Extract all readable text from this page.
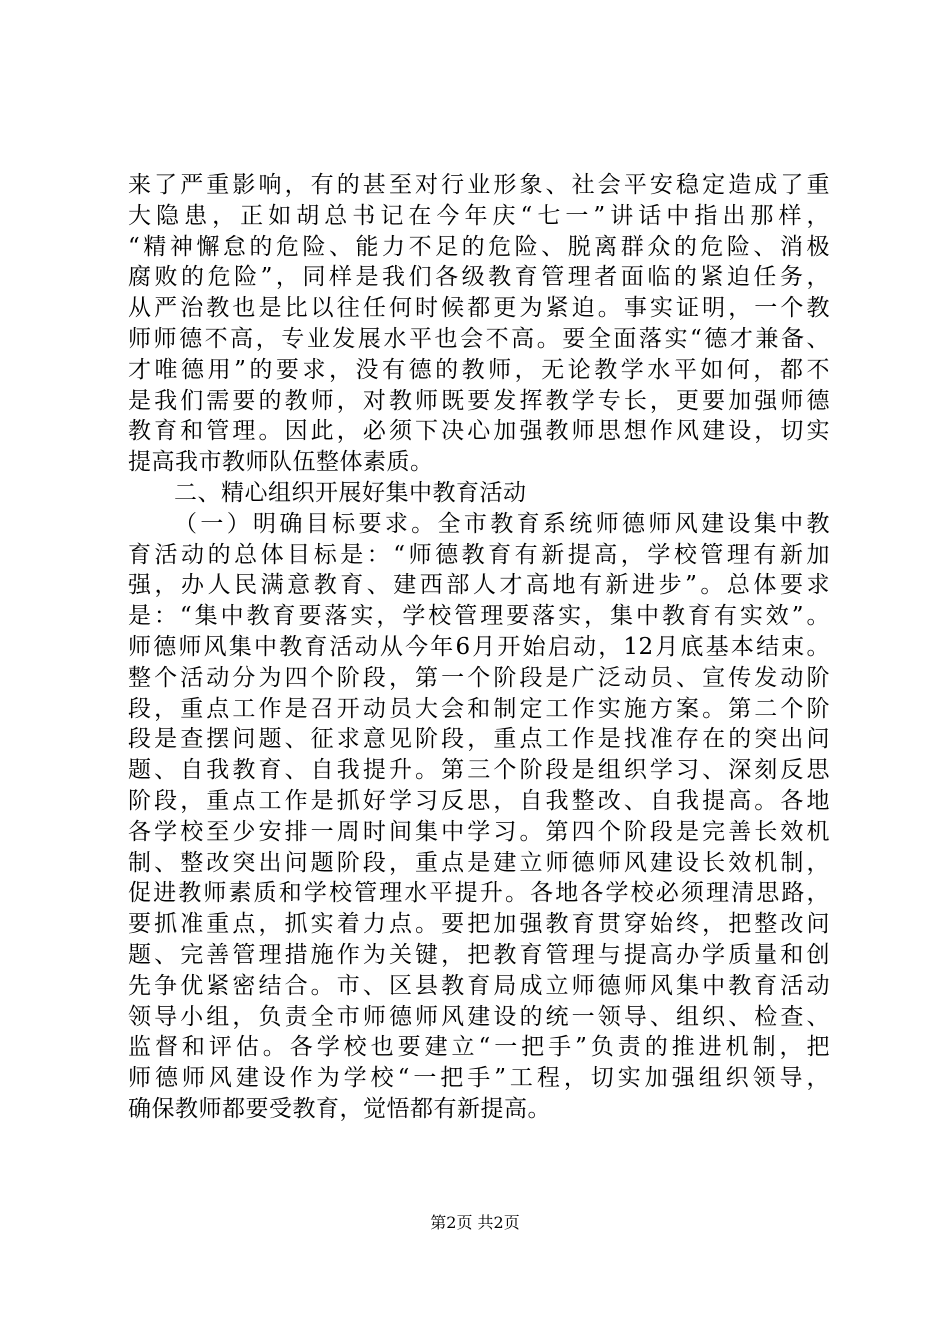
来了严重影响，有的甚至对行业形象、社会平安稳定造成了重
大隐患，正如胡总书记在今年庆“七一”讲话中指出那样，
“精神懈怠的危险、能力不足的危险、脱离群众的危险、消极
腐败的危险”，同样是我们各级教育管理者面临的紧迫任务，
从严治教也是比以往任何时候都更为紧迫。事实证明，一个教
师师德不高，专业发展水平也会不高。要全面落实“德才兼备、
才唯德用”的要求，没有德的教师，无论教学水平如何，都不
是我们需要的教师，对教师既要发挥教学专长，更要加强师德
教育和管理。因此，必须下决心加强教师思想作风建设，切实
提高我市教师队伍整体素质。
二、精心组织开展好集中教育活动
（一）明确目标要求。全市教育系统师德师风建设集中教
育活动的总体目标是：“师德教育有新提高，学校管理有新加
强，办人民满意教育、建西部人才高地有新进步”。总体要求
是：“集中教育要落实，学校管理要落实，集中教育有实效”。
师德师风集中教育活动从今年6月开始启动，12月底基本结束。
整个活动分为四个阶段，第一个阶段是广泛动员、宣传发动阶
段，重点工作是召开动员大会和制定工作实施方案。第二个阶
段是查摆问题、征求意见阶段，重点工作是找准存在的突出问
题、自我教育、自我提升。第三个阶段是组织学习、深刻反思
阶段，重点工作是抓好学习反思，自我整改、自我提高。各地
各学校至少安排一周时间集中学习。第四个阶段是完善长效机
制、整改突出问题阶段，重点是建立师德师风建设长效机制，
促进教师素质和学校管理水平提升。各地各学校必须理清思路，
要抓准重点，抓实着力点。要把加强教育贯穿始终，把整改问
题、完善管理措施作为关键，把教育管理与提高办学质量和创
先争优紧密结合。市、区县教育局成立师德师风集中教育活动
领导小组，负责全市师德师风建设的统一领导、组织、检查、
监督和评估。各学校也要建立“一把手”负责的推进机制，把
师德师风建设作为学校“一把手”工程，切实加强组织领导，
确保教师都要受教育，觉悟都有新提高。
第2页 共2页
